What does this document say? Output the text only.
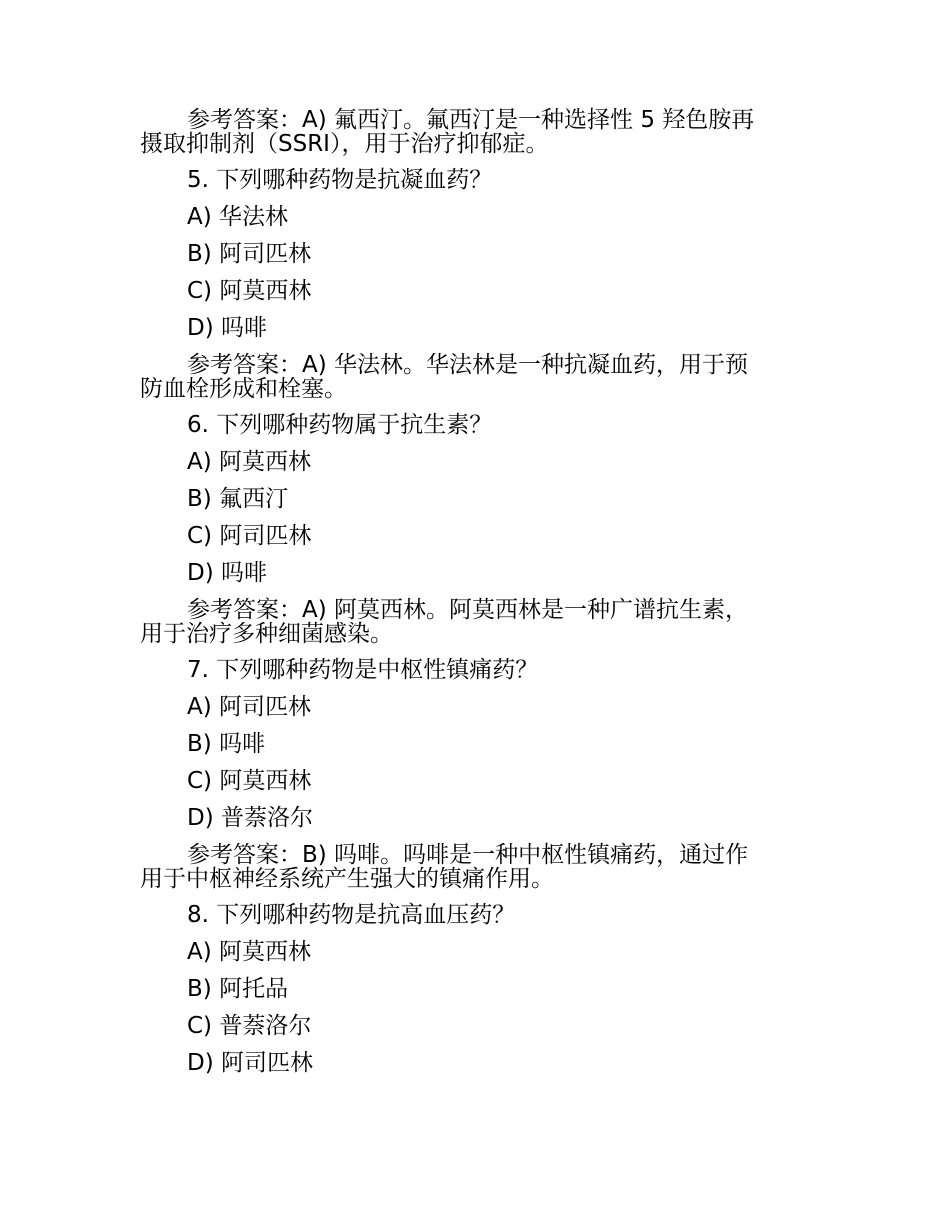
参考答案：A) 氟西汀。氟西汀是一种选择性 5 羟色胺再
摄取抑制剂（SSRI），用于治疗抑郁症。
5. 下列哪种药物是抗凝血药？
A) 华法林
B) 阿司匹林
C) 阿莫西林
D) 吗啡
参考答案：A) 华法林。华法林是一种抗凝血药，用于预
防血栓形成和栓塞。
6. 下列哪种药物属于抗生素？
A) 阿莫西林
B) 氟西汀
C) 阿司匹林
D) 吗啡
参考答案：A) 阿莫西林。阿莫西林是一种广谱抗生素，
用于治疗多种细菌感染。
7. 下列哪种药物是中枢性镇痛药？
A) 阿司匹林
B) 吗啡
C) 阿莫西林
D) 普萘洛尔
参考答案：B) 吗啡。吗啡是一种中枢性镇痛药，通过作
用于中枢神经系统产生强大的镇痛作用。
8. 下列哪种药物是抗高血压药？
A) 阿莫西林
B) 阿托品
C) 普萘洛尔
D) 阿司匹林
